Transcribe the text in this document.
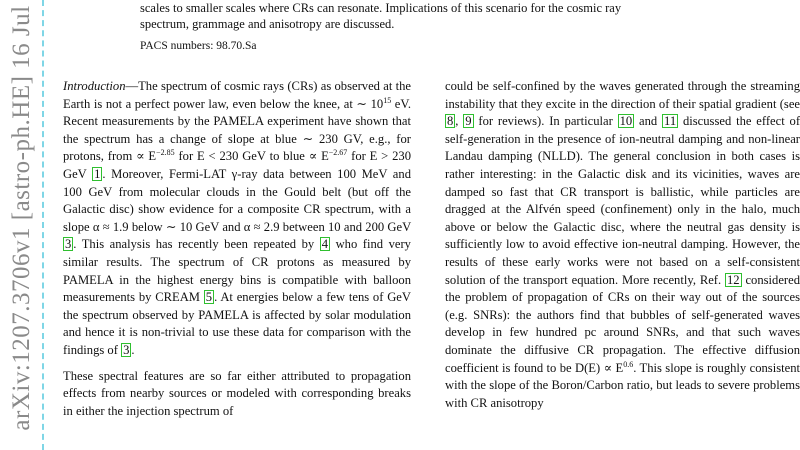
arXiv:1207.3706v1 [astro-ph.HE] 16 Jul	scales to smaller scales where CRs can resonate. Implications of this scenario for the cosmic ray
spectrum, grammage and anisotropy are discussed.
PACS numbers: 98.70.Sa

Introduction—The spectrum of cosmic rays (CRs) as observed at the Earth is not a perfect power law, even below the knee, at ∼ $10^{15}$ eV. Recent measurements by the PAMELA experiment have shown that the spectrum has a change of slope at blue ∼ 230 GV, e.g., for protons, from ∝ $E^{-2.85}$ for E < 230 GeV to blue ∝ $E^{-2.67}$ for E > 230 GeV 1 . Moreover, Fermi-LAT γ-ray data between 100 MeV and 100 GeV from molecular clouds in the Gould belt (but off the Galactic disc) show evidence for a composite CR spectrum, with a slope α ≈ 1.9 below ∼ 10 GeV and α ≈ 2.9 between 10 and 200 GeV 3 . This analysis has recently been repeated by 4 who find very similar results. The spectrum of CR protons as measured by PAMELA in the highest energy bins is compatible with balloon measurements by CREAM 5 . At energies below a few tens of GeV the spectrum observed by PAMELA is affected by solar modulation and hence it is non-trivial to use these data for comparison with the findings of 3 .

These spectral features are so far either attributed to propagation effects from nearby sources or modeled with corresponding breaks in either the injection spectrum of

could be self-confined by the waves generated through the streaming instability that they excite in the direction of their spatial gradient (see 8 , 9 for reviews). In particular 10 and 11 discussed the effect of self-generation in the presence of ion-neutral damping and non-linear Landau damping (NLLD). The general conclusion in both cases is rather interesting: in the Galactic disk and its vicinities, waves are damped so fast that CR transport is ballistic, while particles are dragged at the Alfvén speed (confinement) only in the halo, much above or below the Galactic disc, where the neutral gas density is sufficiently low to avoid effective ion-neutral damping. However, the results of these early works were not based on a self-consistent solution of the transport equation. More recently, Ref. 12 considered the problem of propagation of CRs on their way out of the sources (e.g. SNRs): the authors find that bubbles of self-generated waves develop in few hundred pc around SNRs, and that such waves dominate the diffusive CR propagation. The effective diffusion coefficient is found to be $D(E) \propto E^{0.6}$. This slope is roughly consistent with the slope of the Boron/Carbon ratio, but leads to severe problems with CR anisotropy
